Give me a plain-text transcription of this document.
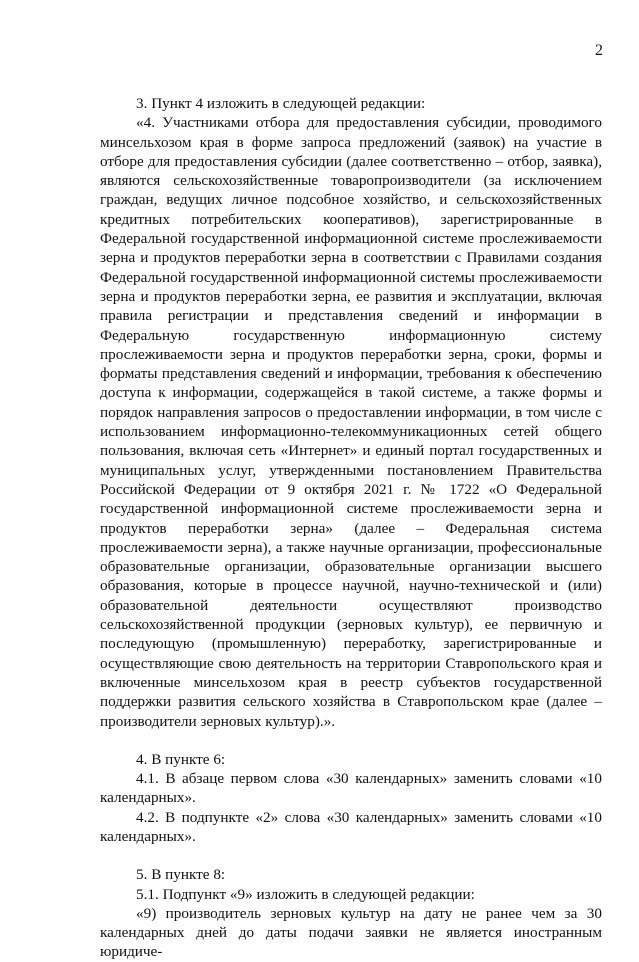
2

3. Пункт 4 изложить в следующей редакции:

«4. Участниками отбора для предоставления субсидии, проводимого минсельхозом края в форме запроса предложений (заявок) на участие в отборе для предоставления субсидии (далее соответственно – отбор, заявка), являются сельскохозяйственные товаропроизводители (за исключением граждан, ведущих личное подсобное хозяйство, и сельскохозяйственных кредитных потребительских кооперативов), зарегистрированные в Федеральной государственной информационной системе прослеживаемости зерна и продуктов переработки зерна в соответствии с Правилами создания Федеральной государственной информационной системы прослеживаемости зерна и продуктов переработки зерна, ее развития и эксплуатации, включая правила регистрации и представления сведений и информации в Федеральную государственную информационную систему прослеживаемости зерна и продуктов переработки зерна, сроки, формы и форматы представления сведений и информации, требования к обеспечению доступа к информации, содержащейся в такой системе, а также формы и порядок направления запросов о предоставлении информации, в том числе с использованием информационно-телекоммуникационных сетей общего пользования, включая сеть «Интернет» и единый портал государственных и муниципальных услуг, утвержденными постановлением Правительства Российской Федерации от 9 октября 2021 г. № 1722 «О Федеральной государственной информационной системе прослеживаемости зерна и продуктов переработки зерна» (далее – Федеральная система прослеживаемости зерна), а также научные организации, профессиональные образовательные организации, образовательные организации высшего образования, которые в процессе научной, научно-технической и (или) образовательной деятельности осуществляют производство сельскохозяйственной продукции (зерновых культур), ее первичную и последующую (промышленную) переработку, зарегистрированные и осуществляющие свою деятельность на территории Ставропольского края и включенные минсельхозом края в реестр субъектов государственной поддержки развития сельского хозяйства в Ставропольском крае (далее – производители зерновых культур).».

4. В пункте 6:

4.1. В абзаце первом слова «30 календарных» заменить словами «10 календарных».

4.2. В подпункте «2» слова «30 календарных» заменить словами «10 календарных».

5. В пункте 8:

5.1. Подпункт «9» изложить в следующей редакции:

«9) производитель зерновых культур на дату не ранее чем за 30 календарных дней до даты подачи заявки не является иностранным юридиче-
